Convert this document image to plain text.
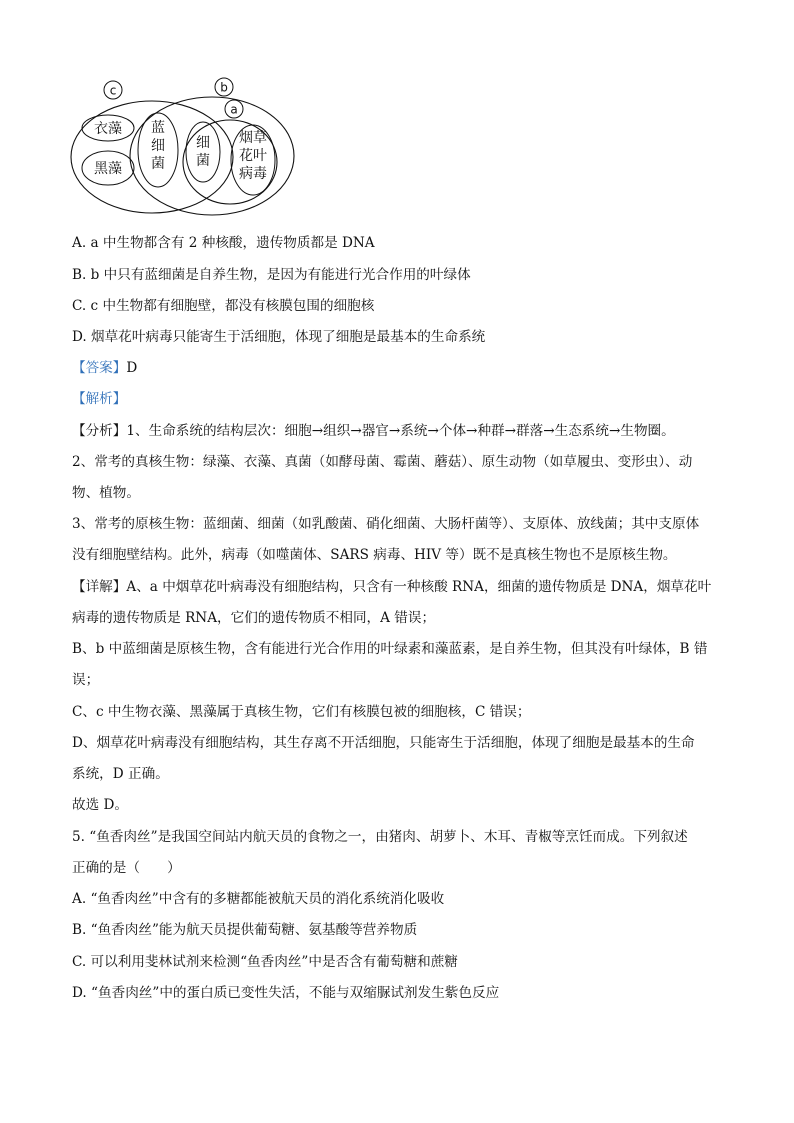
c	b
a
衣藻
黑藻
蓝
细
菌
细
菌
烟草
花叶
病毒
A. a 中生物都含有 2 种核酸，遗传物质都是 DNA
B. b 中只有蓝细菌是自养生物，是因为有能进行光合作用的叶绿体
C. c 中生物都有细胞壁，都没有核膜包围的细胞核
D. 烟草花叶病毒只能寄生于活细胞，体现了细胞是最基本的生命系统
【答案】D
【解析】
【分析】1、生命系统的结构层次：细胞→组织→器官→系统→个体→种群→群落→生态系统→生物圈。
2、常考的真核生物：绿藻、衣藻、真菌（如酵母菌、霉菌、蘑菇）、原生动物（如草履虫、变形虫）、动
物、植物。
3、常考的原核生物：蓝细菌、细菌（如乳酸菌、硝化细菌、大肠杆菌等）、支原体、放线菌；其中支原体
没有细胞壁结构。此外，病毒（如噬菌体、SARS 病毒、HIV 等）既不是真核生物也不是原核生物。
【详解】A、a 中烟草花叶病毒没有细胞结构，只含有一种核酸 RNA，细菌的遗传物质是 DNA，烟草花叶
病毒的遗传物质是 RNA，它们的遗传物质不相同，A 错误；
B、b 中蓝细菌是原核生物，含有能进行光合作用的叶绿素和藻蓝素，是自养生物，但其没有叶绿体，B 错
误；
C、c 中生物衣藻、黑藻属于真核生物，它们有核膜包被的细胞核，C 错误；
D、烟草花叶病毒没有细胞结构，其生存离不开活细胞，只能寄生于活细胞，体现了细胞是最基本的生命
系统，D 正确。
故选 D。
5. “鱼香肉丝”是我国空间站内航天员的食物之一，由猪肉、胡萝卜、木耳、青椒等烹饪而成。下列叙述
正确的是（　　）
A. “鱼香肉丝”中含有的多糖都能被航天员的消化系统消化吸收
B. “鱼香肉丝”能为航天员提供葡萄糖、氨基酸等营养物质
C. 可以利用斐林试剂来检测“鱼香肉丝”中是否含有葡萄糖和蔗糖
D. “鱼香肉丝”中的蛋白质已变性失活，不能与双缩脲试剂发生紫色反应
